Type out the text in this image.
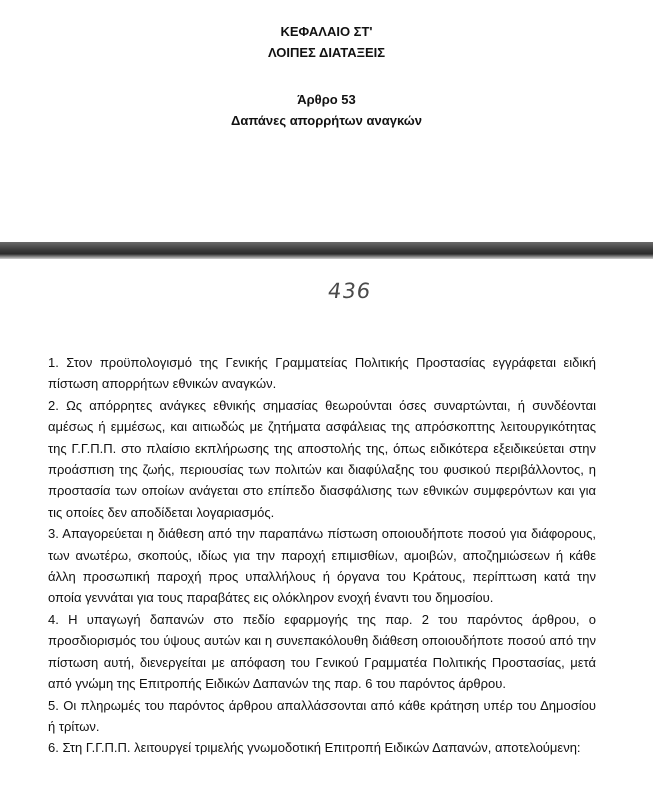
ΚΕΦΑΛΑΙΟ ΣΤ'
ΛΟΙΠΕΣ ΔΙΑΤΑΞΕΙΣ
Άρθρο 53
Δαπάνες απορρήτων αναγκών
436

1. Στον προϋπολογισμό της Γενικής Γραμματείας Πολιτικής Προστασίας εγγράφεται ειδική πίστωση απορρήτων εθνικών αναγκών.

2. Ως απόρρητες ανάγκες εθνικής σημασίας θεωρούνται όσες συναρτώνται, ή συνδέονται αμέσως ή εμμέσως, και αιτιωδώς με ζητήματα ασφάλειας της απρόσκοπτης λειτουργικότητας της Γ.Γ.Π.Π. στο πλαίσιο εκπλήρωσης της αποστολής της, όπως ειδικότερα εξειδικεύεται στην προάσπιση της ζωής, περιουσίας των πολιτών και διαφύλαξης του φυσικού περιβάλλοντος, η προστασία των οποίων ανάγεται στο επίπεδο διασφάλισης των εθνικών συμφερόντων και για τις οποίες δεν αποδίδεται λογαριασμός.

3. Απαγορεύεται η διάθεση από την παραπάνω πίστωση οποιουδήποτε ποσού για διάφορους, των ανωτέρω, σκοπούς, ιδίως για την παροχή επιμισθίων, αμοιβών, αποζημιώσεων ή κάθε άλλη προσωπική παροχή προς υπαλλήλους ή όργανα του Κράτους, περίπτωση κατά την οποία γεννάται για τους παραβάτες εις ολόκληρον ενοχή έναντι του δημοσίου.

4. Η υπαγωγή δαπανών στο πεδίο εφαρμογής της παρ. 2 του παρόντος άρθρου, ο προσδιορισμός του ύψους αυτών και η συνεπακόλουθη διάθεση οποιουδήποτε ποσού από την πίστωση αυτή, διενεργείται με απόφαση του Γενικού Γραμματέα Πολιτικής Προστασίας, μετά από γνώμη της Επιτροπής Ειδικών Δαπανών της παρ. 6 του παρόντος άρθρου.

5. Οι πληρωμές του παρόντος άρθρου απαλλάσσονται από κάθε κράτηση υπέρ του Δημοσίου ή τρίτων.

6. Στη Γ.Γ.Π.Π. λειτουργεί τριμελής γνωμοδοτική Επιτροπή Ειδικών Δαπανών, αποτελούμενη:
